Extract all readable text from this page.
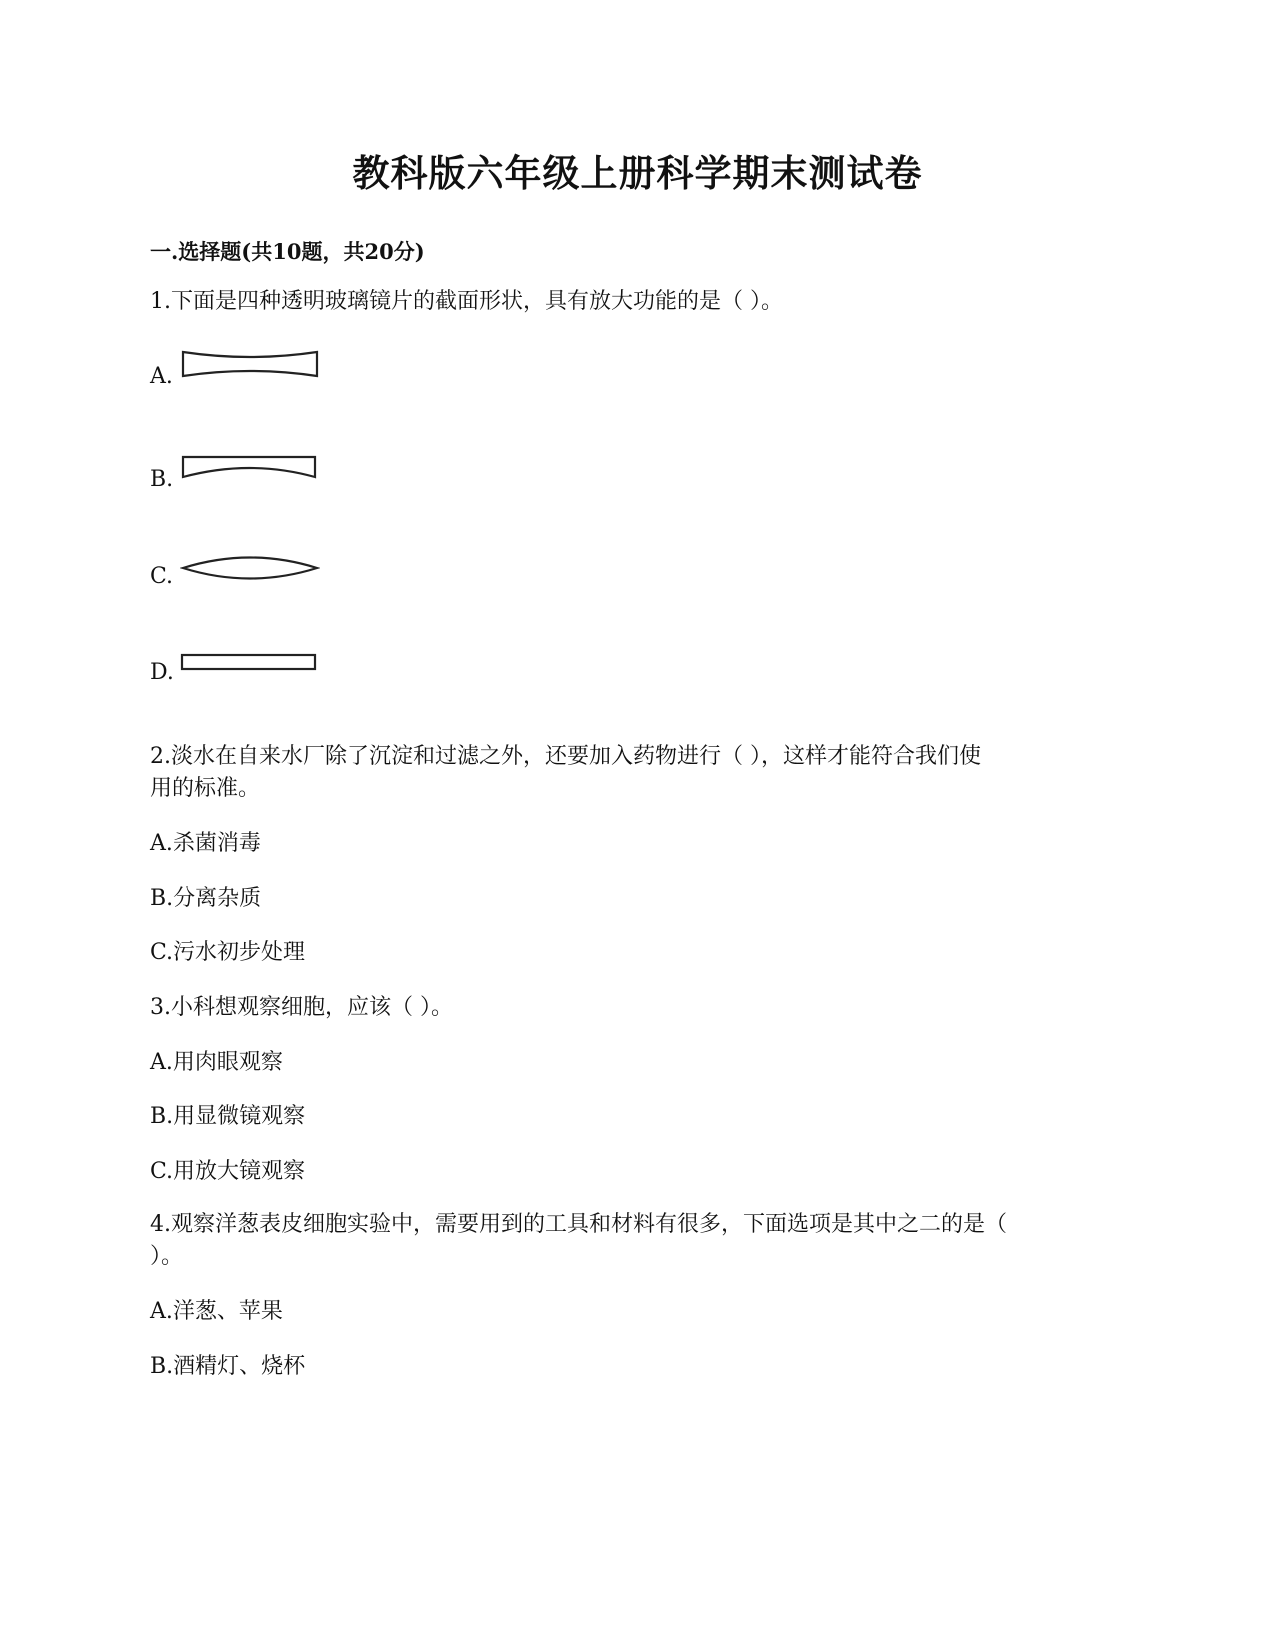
教科版六年级上册科学期末测试卷
一.选择题(共10题，共20分)
1.下面是四种透明玻璃镜片的截面形状，具有放大功能的是（ ）。
A.
B.
C.
D.
2.淡水在自来水厂除了沉淀和过滤之外，还要加入药物进行（ ），这样才能符合我们使
用的标准。
A.杀菌消毒
B.分离杂质
C.污水初步处理
3.小科想观察细胞，应该（ ）。
A.用肉眼观察
B.用显微镜观察
C.用放大镜观察
4.观察洋葱表皮细胞实验中，需要用到的工具和材料有很多，下面选项是其中之二的是（
）。
A.洋葱、苹果
B.酒精灯、烧杯
